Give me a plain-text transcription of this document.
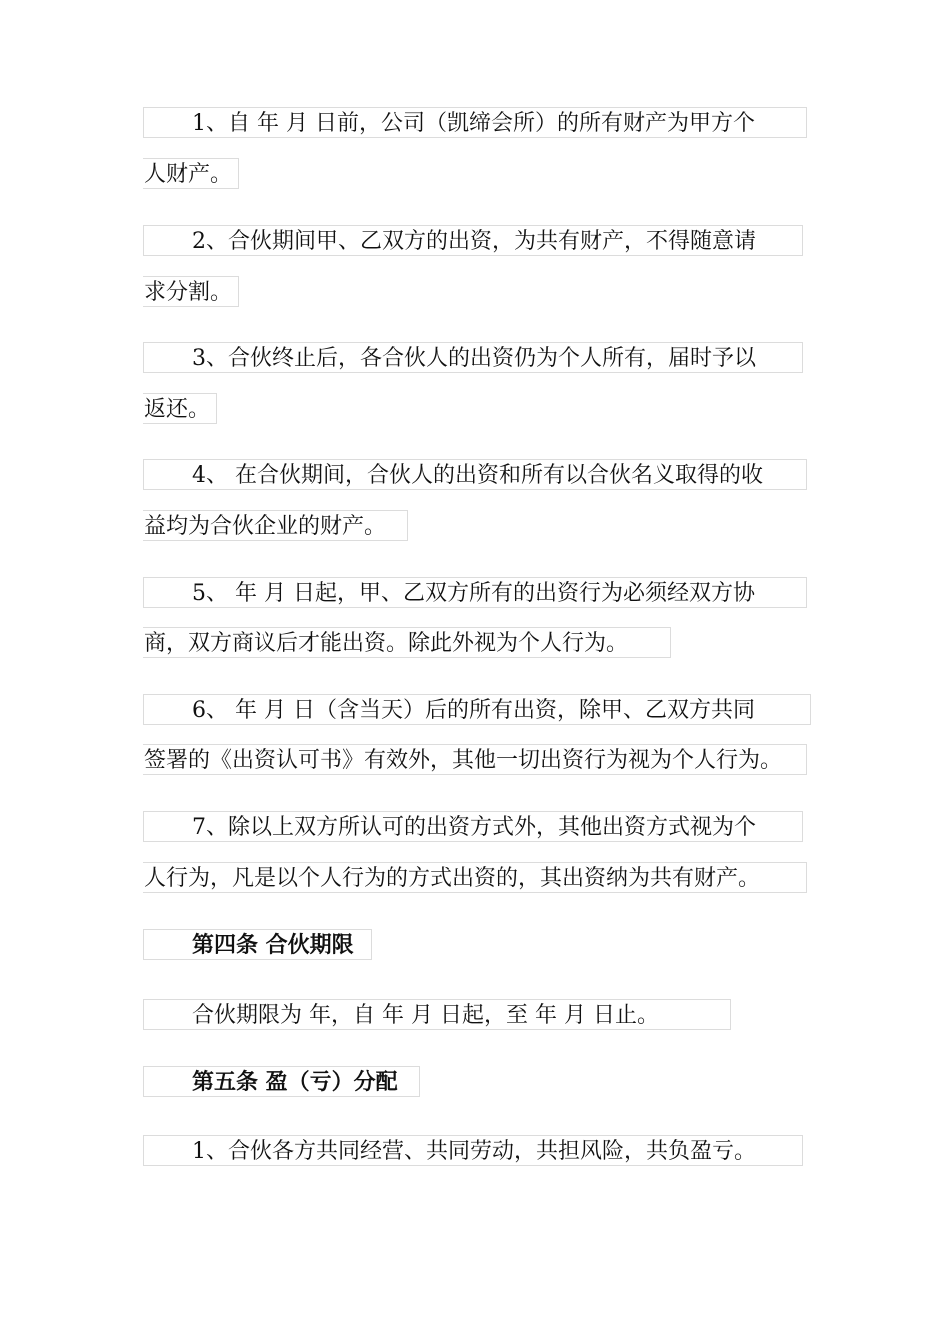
1、自 年 月 日前，公司（凯缔会所）的所有财产为甲方个
人财产。
2、合伙期间甲、乙双方的出资，为共有财产，不得随意请
求分割。
3、合伙终止后，各合伙人的出资仍为个人所有，届时予以
返还。
4、 在合伙期间，合伙人的出资和所有以合伙名义取得的收
益均为合伙企业的财产。
5、 年 月 日起，甲、乙双方所有的出资行为必须经双方协
商，双方商议后才能出资。除此外视为个人行为。
6、 年 月 日（含当天）后的所有出资，除甲、乙双方共同
签署的《出资认可书》有效外，其他一切出资行为视为个人行为。
7、除以上双方所认可的出资方式外，其他出资方式视为个
人行为，凡是以个人行为的方式出资的，其出资纳为共有财产。
第四条 合伙期限
合伙期限为 年，自 年 月 日起，至 年 月 日止。
第五条 盈（亏）分配
1、合伙各方共同经营、共同劳动，共担风险，共负盈亏。
